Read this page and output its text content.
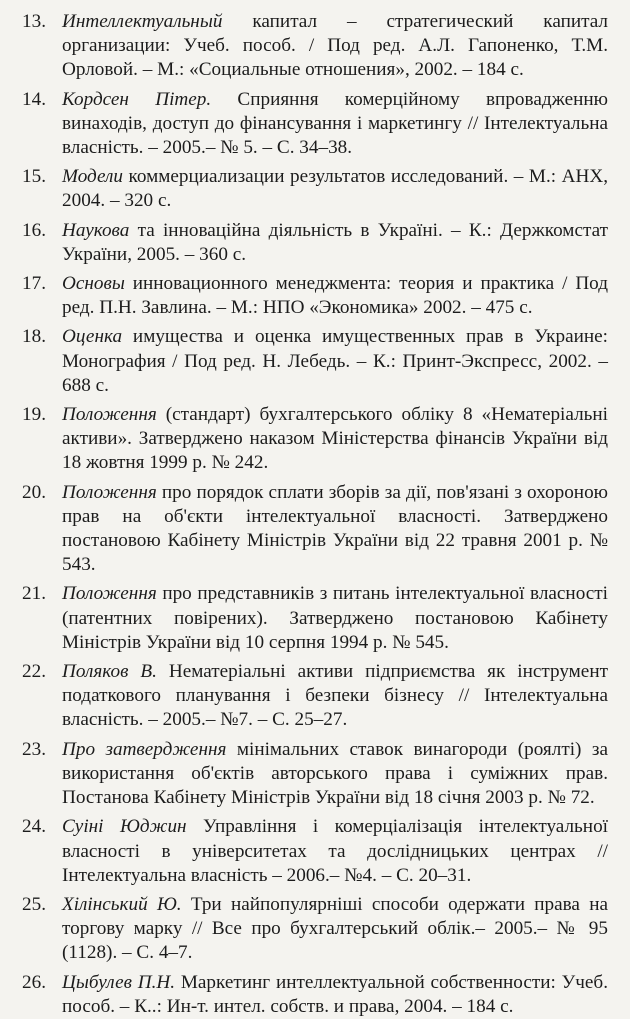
13. Интеллектуальный капитал – стратегический капитал организации: Учеб. пособ. / Под ред. А.Л. Гапоненко, Т.М. Орловой. – М.: «Социальные отношения», 2002. – 184 с.
14. Кордсен Пітер. Сприяння комерційному впровадженню винаходів, доступ до фінансування і маркетингу // Інтелектуальна власність. – 2005.– № 5. – С. 34–38.
15. Модели коммерциализации результатов исследований. – М.: АНХ, 2004. – 320 с.
16. Наукова та інноваційна діяльність в Україні. – К.: Держкомстат України, 2005. – 360 с.
17. Основы инновационного менеджмента: теория и практика / Под ред. П.Н. Завлина. – М.: НПО «Экономика» 2002. – 475 с.
18. Оценка имущества и оценка имущественных прав в Украине: Монография / Под ред. Н. Лебедь. – К.: Принт-Экспресс, 2002. – 688 с.
19. Положення (стандарт) бухгалтерського обліку 8 «Нематеріальні активи». Затверджено наказом Міністерства фінансів України від 18 жовтня 1999 р. № 242.
20. Положення про порядок сплати зборів за дії, пов'язані з охороною прав на об'єкти інтелектуальної власності. Затверджено постановою Кабінету Міністрів України від 22 травня 2001 р. № 543.
21. Положення про представників з питань інтелектуальної власності (патентних повірених). Затверджено постановою Кабінету Міністрів України від 10 серпня 1994 р. № 545.
22. Поляков В. Нематеріальні активи підприємства як інструмент податкового планування і безпеки бізнесу // Інтелектуальна власність. – 2005.– №7. – С. 25–27.
23. Про затвердження мінімальних ставок винагороди (роялті) за використання об'єктів авторського права і суміжних прав. Постанова Кабінету Міністрів України від 18 січня 2003 р. № 72.
24. Суіні Юджин Управління і комерціалізація інтелектуальної власності в університетах та дослідницьких центрах // Інтелектуальна власність – 2006.– №4. – С. 20–31.
25. Хілінський Ю. Три найпопулярніші способи одержати права на торгову марку // Все про бухгалтерський облік.– 2005.– № 95 (1128). – С. 4–7.
26. Цыбулев П.Н. Маркетинг интеллектуальной собственности: Учеб. пособ. – К..: Ин-т. интел. собств. и права, 2004. – 184 с.
